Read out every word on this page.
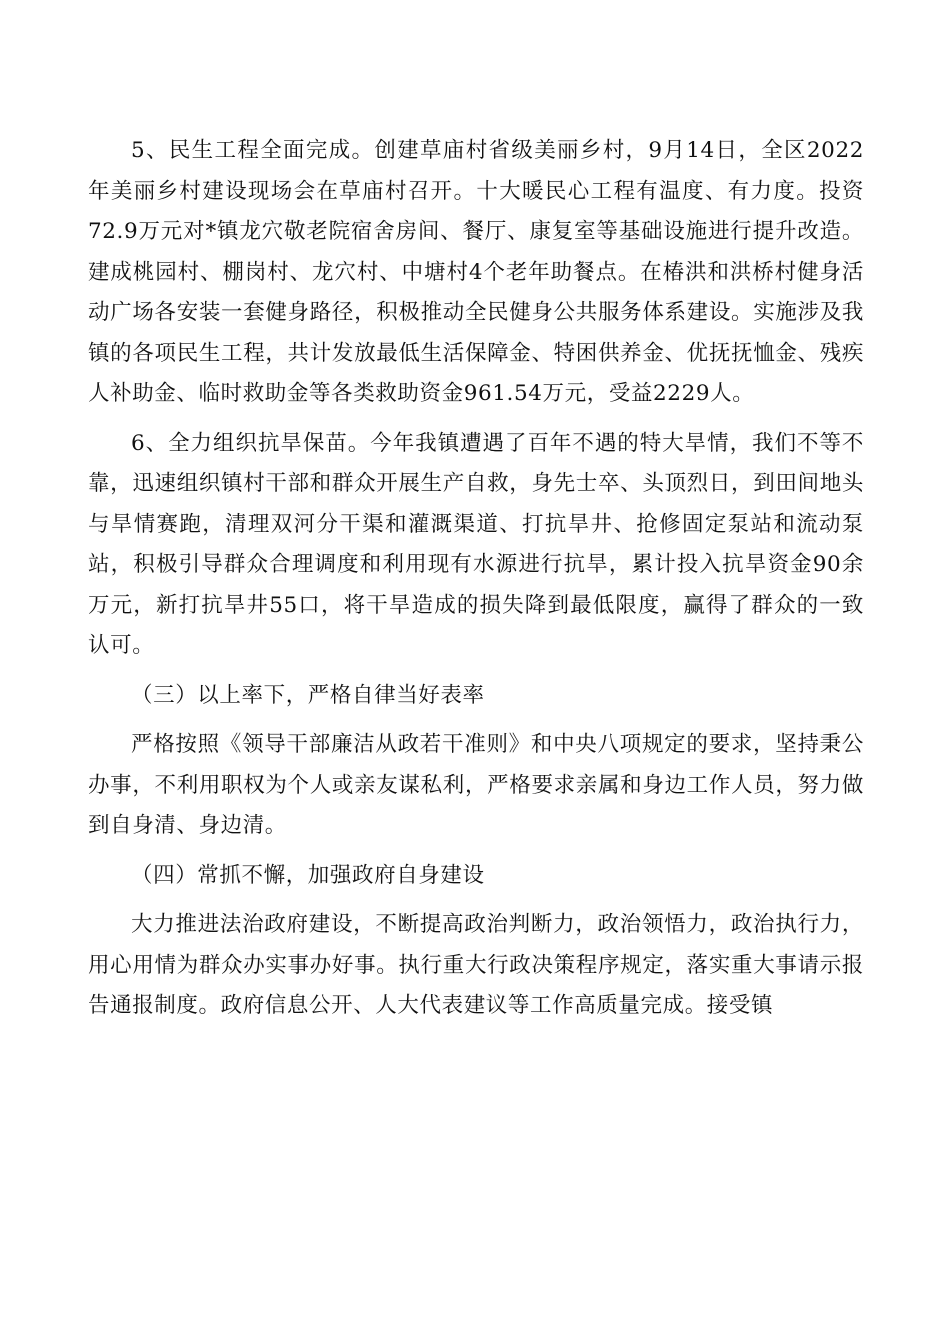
5、民生工程全面完成。创建草庙村省级美丽乡村，9月14日，全区2022年美丽乡村建设现场会在草庙村召开。十大暖民心工程有温度、有力度。投资72.9万元对*镇龙穴敬老院宿舍房间、餐厅、康复室等基础设施进行提升改造。建成桃园村、棚岗村、龙穴村、中塘村4个老年助餐点。在椿洪和洪桥村健身活动广场各安装一套健身路径，积极推动全民健身公共服务体系建设。实施涉及我镇的各项民生工程，共计发放最低生活保障金、特困供养金、优抚抚恤金、残疾人补助金、临时救助金等各类救助资金961.54万元，受益2229人。

6、全力组织抗旱保苗。今年我镇遭遇了百年不遇的特大旱情，我们不等不靠，迅速组织镇村干部和群众开展生产自救，身先士卒、头顶烈日，到田间地头与旱情赛跑，清理双河分干渠和灌溉渠道、打抗旱井、抢修固定泵站和流动泵站，积极引导群众合理调度和利用现有水源进行抗旱，累计投入抗旱资金90余万元，新打抗旱井55口，将干旱造成的损失降到最低限度，赢得了群众的一致认可。

（三）以上率下，严格自律当好表率

严格按照《领导干部廉洁从政若干准则》和中央八项规定的要求，坚持秉公办事，不利用职权为个人或亲友谋私利，严格要求亲属和身边工作人员，努力做到自身清、身边清。

（四）常抓不懈，加强政府自身建设

大力推进法治政府建设，不断提高政治判断力，政治领悟力，政治执行力，用心用情为群众办实事办好事。执行重大行政决策程序规定，落实重大事请示报告通报制度。政府信息公开、人大代表建议等工作高质量完成。接受镇
